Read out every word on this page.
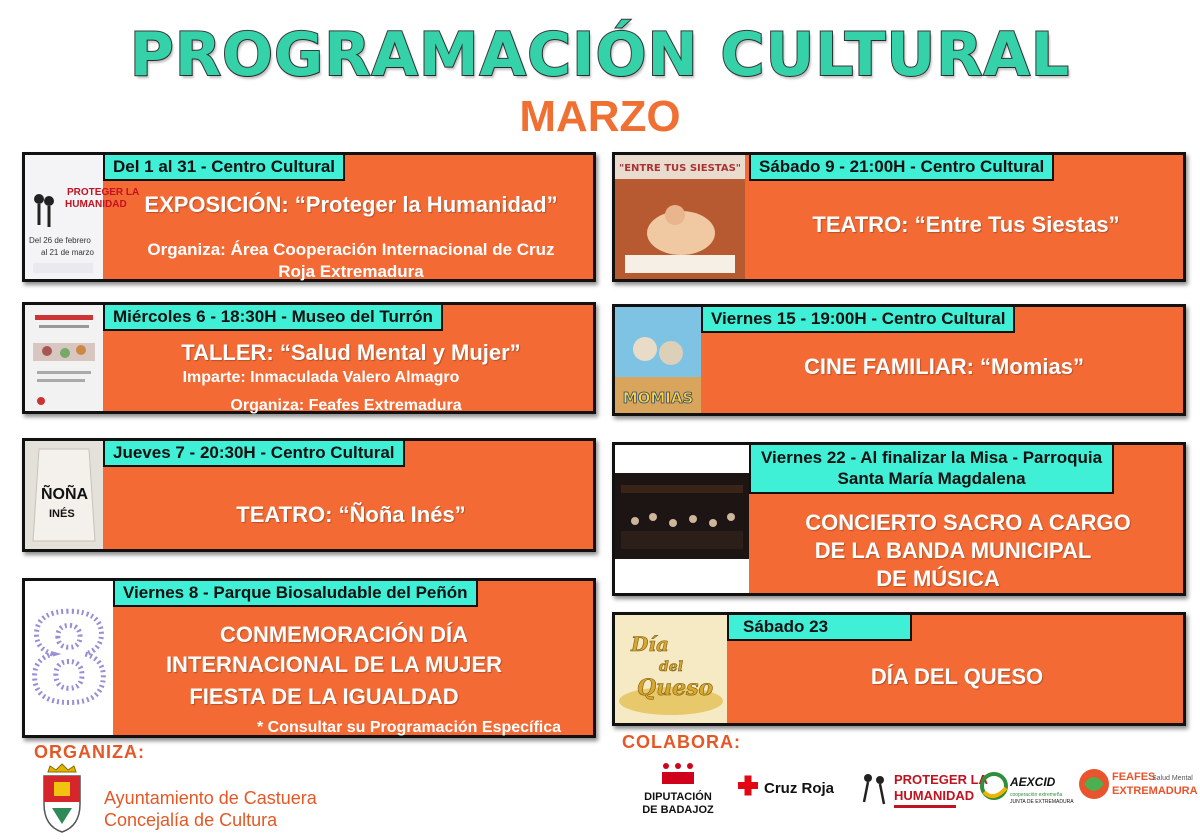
PROGRAMACIÓN CULTURAL
MARZO
PROTEGER LA
HUMANIDAD
Del 26 de febrero
al 21 de marzo
Del 1 al 31 - Centro Cultural
EXPOSICIÓN: “Proteger la Humanidad”
Organiza: Área Cooperación Internacional de Cruz
Roja Extremadura
Miércoles 6 - 18:30H - Museo del Turrón
TALLER: “Salud Mental y Mujer”
Imparte: Inmaculada Valero Almagro
Organiza: Feafes Extremadura
ÑOÑA
INÉS
Jueves 7 - 20:30H - Centro Cultural
TEATRO: “Ñoña Inés”
8 Viernes 8 - Parque Biosaludable del Peñón
CONMEMORACIÓN DÍA
INTERNACIONAL DE LA MUJER
FIESTA DE LA IGUALDAD
* Consultar su Programación Específica
"ENTRE TUS SIESTAS"	Sábado 9 - 21:00H - Centro Cultural
TEATRO: “Entre Tus Siestas”
MOMIAS
Viernes 15 - 19:00H - Centro Cultural
CINE FAMILIAR: “Momias”
Viernes 22 - Al finalizar la Misa - Parroquia
Santa María Magdalena
CONCIERTO SACRO A CARGO
DE LA BANDA MUNICIPAL
DE MÚSICA
Día
del
Queso
Sábado 23
DÍA DEL QUESO
ORGANIZA:
Ayuntamiento de Castuera
Concejalía de Cultura
COLABORA:
DIPUTACIÓN
DE BADAJOZ
Cruz Roja
PROTEGER LA
HUMANIDAD
AEXCID
cooperación extremeña
JUNTA DE EXTREMADURA
FEAFES
Salud Mental
EXTREMADURA
